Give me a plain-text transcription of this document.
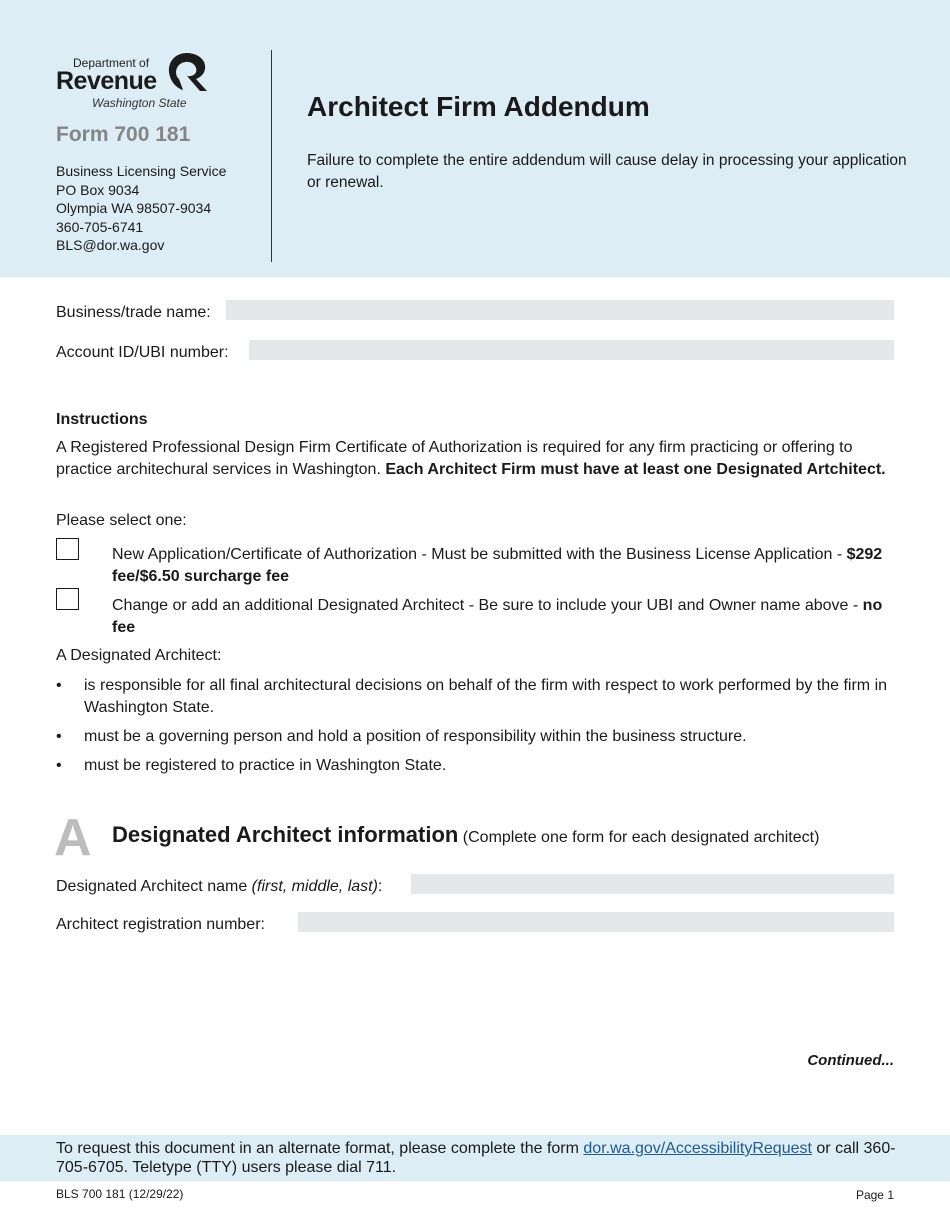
Department of
Revenue
Washington State
Form 700 181
Business Licensing Service
PO Box 9034
Olympia WA 98507-9034
360-705-6741
BLS@dor.wa.gov
Architect Firm Addendum

Failure to complete the entire addendum will cause delay in processing your application or renewal.

Business/trade name:
Account ID/UBI number:
Instructions

A Registered Professional Design Firm Certificate of Authorization is required for any firm practicing or offering to practice architechural services in Washington. Each Architect Firm must have at least one Designated Artchitect.

Please select one:

New Application/Certificate of Authorization - Must be submitted with the Business License Application - $292 fee/$6.50 surcharge fee

Change or add an additional Designated Architect - Be sure to include your UBI and Owner name above - no fee

A Designated Architect:
• is responsible for all final architectural decisions on behalf of the firm with respect to work performed by the firm in Washington State.
• must be a governing person and hold a position of responsibility within the business structure.
• must be registered to practice in Washington State.
A Designated Architect information (Complete one form for each designated architect)
Designated Architect name (first, middle, last):
Architect registration number:
Continued...

To request this document in an alternate format, please complete the form dor.wa.gov/AccessibilityRequest or call 360-705-6705. Teletype (TTY) users please dial 711.

BLS 700 181 (12/29/22)	Page 1
